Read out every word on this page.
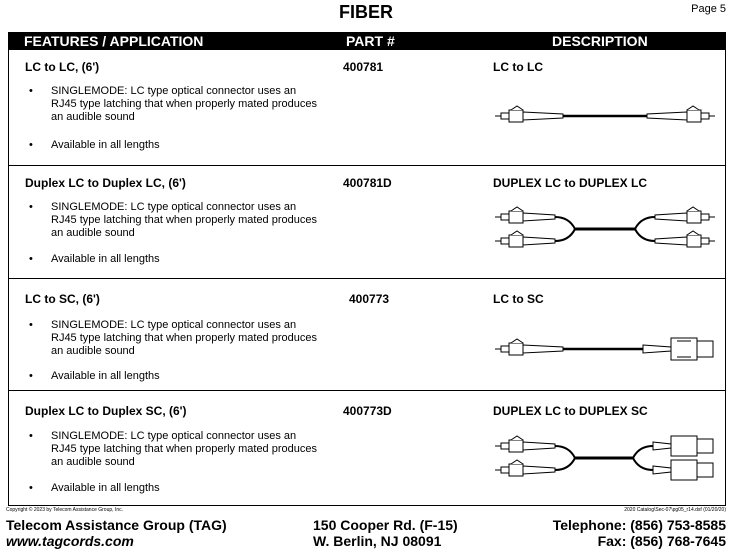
FIBER	Page 5
FEATURES / APPLICATION	PART #	DESCRIPTION
LC to LC, (6')	400781	LC to LC
• SINGLEMODE: LC type optical connector uses an RJ45 type latching that when properly mated produces an audible sound
• Available in all lengths
Duplex LC to Duplex LC, (6')	400781D	DUPLEX LC to DUPLEX LC
• SINGLEMODE: LC type optical connector uses an RJ45 type latching that when properly mated produces an audible sound
• Available in all lengths
LC to SC, (6')	400773	LC to SC
• SINGLEMODE: LC type optical connector uses an RJ45 type latching that when properly mated produces an audible sound
• Available in all lengths
Duplex LC to Duplex SC, (6')	400773D	DUPLEX LC to DUPLEX SC
• SINGLEMODE: LC type optical connector uses an RJ45 type latching that when properly mated produces an audible sound
• Available in all lengths
Copyright © 2023 by Telecom Assistance Group, Inc.	2020 Catalog\Sec-07\pg05_r14.dsf (01/20/20)
Telecom Assistance Group (TAG)
www.tagcords.com
150 Cooper Rd. (F-15)
W. Berlin, NJ 08091
Telephone: (856) 753-8585
Fax: (856) 768-7645
